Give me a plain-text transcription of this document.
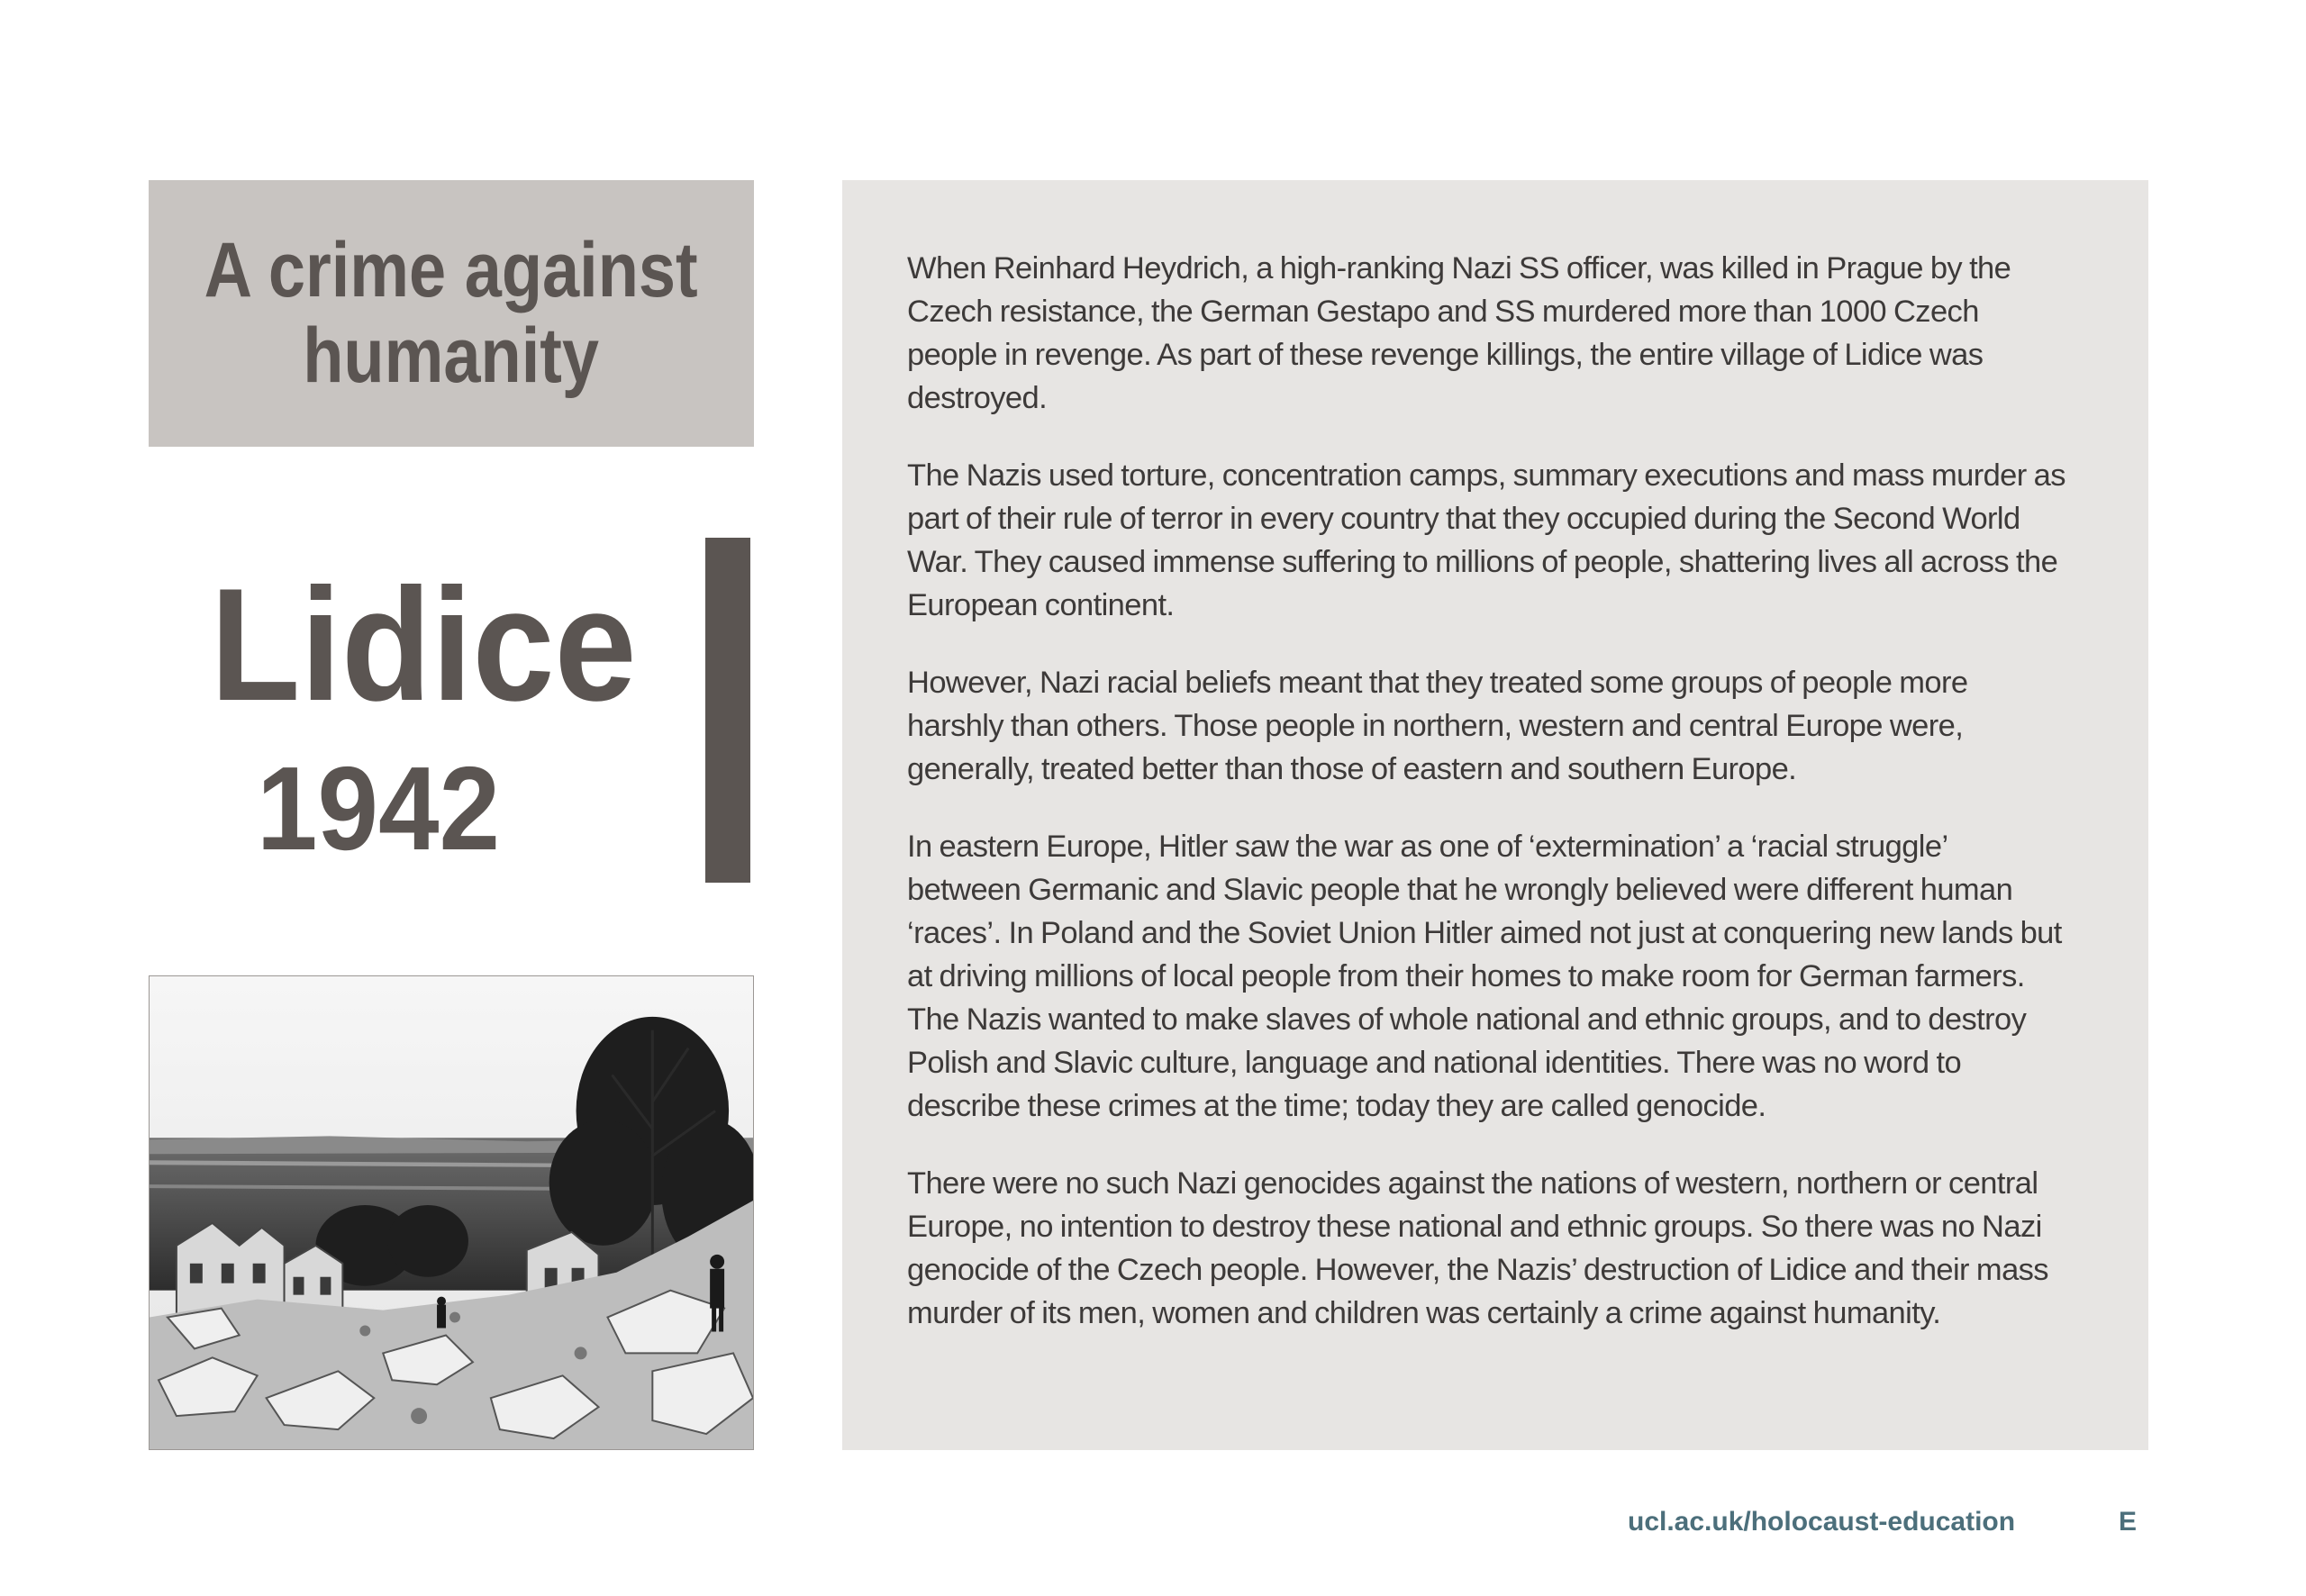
A crime against
humanity
Lidice
1942

When Reinhard Heydrich, a high-ranking Nazi SS officer, was killed in Prague by the Czech resistance, the German Gestapo and SS murdered more than 1000 Czech people in revenge. As part of these revenge killings, the entire village of Lidice was destroyed.

The Nazis used torture, concentration camps, summary executions and mass murder as part of their rule of terror in every country that they occupied during the Second World War. They caused immense suffering to millions of people, shattering lives all across the European continent.

However, Nazi racial beliefs meant that they treated some groups of people more harshly than others. Those people in northern, western and central Europe were, generally, treated better than those of eastern and southern Europe.

In eastern Europe, Hitler saw the war as one of ‘extermination’ a ‘racial struggle’ between Germanic and Slavic people that he wrongly believed were different human ‘races’. In Poland and the Soviet Union Hitler aimed not just at conquering new lands but at driving millions of local people from their homes to make room for German farmers. The Nazis wanted to make slaves of whole national and ethnic groups, and to destroy Polish and Slavic culture, language and national identities. There was no word to describe these crimes at the time; today they are called genocide.

There were no such Nazi genocides against the nations of western, northern or central Europe, no intention to destroy these national and ethnic groups. So there was no Nazi genocide of the Czech people. However, the Nazis’ destruction of Lidice and their mass murder of its men, women and children was certainly a crime against humanity.

ucl.ac.uk/holocaust-education	E
